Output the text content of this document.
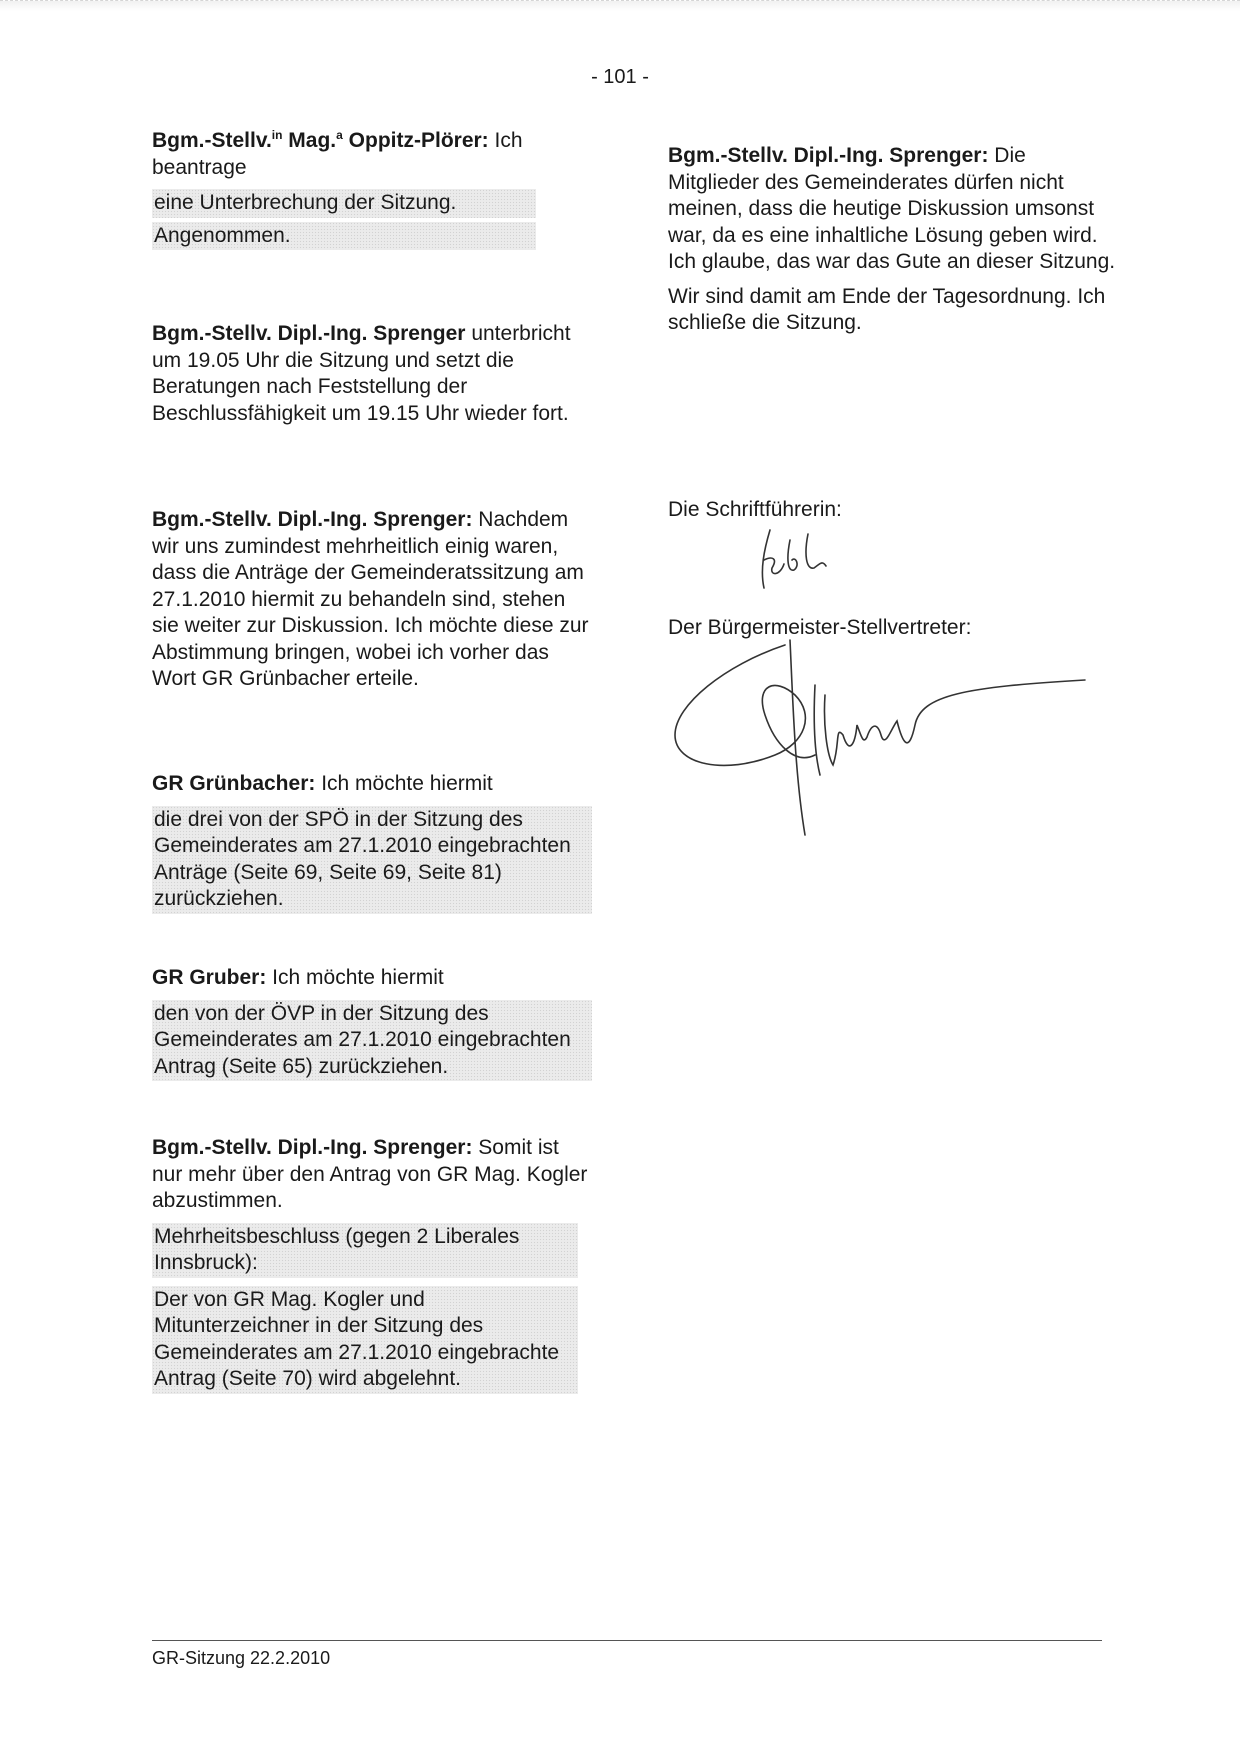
- 101 -

Bgm.-Stellv.$^{in}$ Mag.$^a$ Oppitz-Plörer: Ich beantrage

eine Unterbrechung der Sitzung.

Angenommen.

Bgm.-Stellv. Dipl.-Ing. Sprenger unterbricht um 19.05 Uhr die Sitzung und setzt die Beratungen nach Feststellung der Beschlussfähigkeit um 19.15 Uhr wieder fort.

Bgm.-Stellv. Dipl.-Ing. Sprenger: Nachdem wir uns zumindest mehrheitlich einig waren, dass die Anträge der Gemeinderatssitzung am 27.1.2010 hiermit zu behandeln sind, stehen sie weiter zur Diskussion. Ich möchte diese zur Abstimmung bringen, wobei ich vorher das Wort GR Grünbacher erteile.

GR Grünbacher: Ich möchte hiermit

die drei von der SPÖ in der Sitzung des Gemeinderates am 27.1.2010 eingebrachten Anträge (Seite 69, Seite 69, Seite 81) zurückziehen.

GR Gruber: Ich möchte hiermit

den von der ÖVP in der Sitzung des Gemeinderates am 27.1.2010 eingebrachten Antrag (Seite 65) zurückziehen.

Bgm.-Stellv. Dipl.-Ing. Sprenger: Somit ist nur mehr über den Antrag von GR Mag. Kogler abzustimmen.

Mehrheitsbeschluss (gegen 2 Liberales Innsbruck):

Der von GR Mag. Kogler und Mitunterzeichner in der Sitzung des Gemeinderates am 27.1.2010 eingebrachte Antrag (Seite 70) wird abgelehnt.

Bgm.-Stellv. Dipl.-Ing. Sprenger: Die Mitglieder des Gemeinderates dürfen nicht meinen, dass die heutige Diskussion umsonst war, da es eine inhaltliche Lösung geben wird. Ich glaube, das war das Gute an dieser Sitzung.

Wir sind damit am Ende der Tagesordnung. Ich schließe die Sitzung.

Die Schriftführerin:
Der Bürgermeister-Stellvertreter:
GR-Sitzung 22.2.2010
